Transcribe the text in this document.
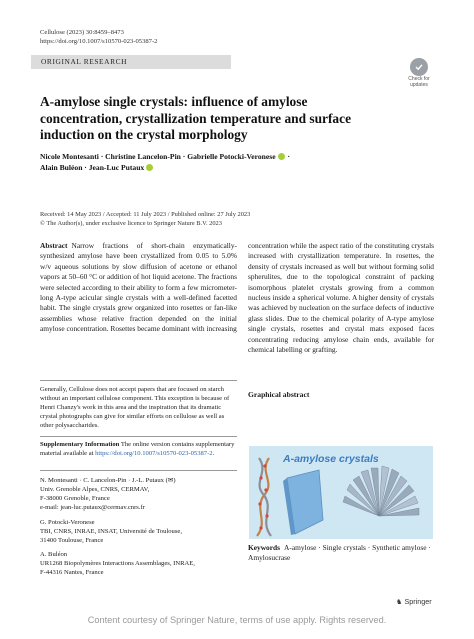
Cellulose (2023) 30:8459–8473
https://doi.org/10.1007/s10570-023-05387-2
ORIGINAL RESEARCH
Check for updates
A-amylose single crystals: influence of amylose concentration, crystallization temperature and surface induction on the crystal morphology
Nicole Montesanti · Christine Lancelon-Pin · Gabrielle Potocki-Veronese ·
Alain Buléon · Jean-Luc Putaux
Received: 14 May 2023 / Accepted: 11 July 2023 / Published online: 27 July 2023
© The Author(s), under exclusive licence to Springer Nature B.V. 2023
Abstract Narrow fractions of short-chain enzymatically-synthesized amylose have been crystallized from 0.05 to 5.0% w/v aqueous solutions by slow diffusion of acetone or ethanol vapors at 50–60 °C or addition of hot liquid acetone. The fractions were selected according to their ability to form a few micrometer-long A-type acicular single crystals with a well-defined facetted habit. The single crystals grew organized into rosettes or fan-like assemblies whose relative fraction depended on the initial amylose concentration. Rosettes became dominant with increasing
concentration while the aspect ratio of the constituting crystals increased with crystallization temperature. In rosettes, the density of crystals increased as well but without forming solid spherulites, due to the topological constraint of packing isomorphous platelet crystals growing from a common nucleus inside a spherical volume. A higher density of crystals was achieved by nucleation on the surface defects of inductive glass slides. Due to the chemical polarity of A-type amylose single crystals, rosettes and crystal mats exposed faces concentrating reducing amylose chain ends, available for chemical labelling or grafting.
Generally, Cellulose does not accept papers that are focused on starch without an important cellulose component. This exception is because of Henri Chanzy's work in this area and the inspiration that its dramatic crystal photographs can give for similar efforts on cellulose as well as other polysaccharides.
Supplementary Information The online version contains supplementary material available at https://doi.org/10.1007/s10570-023-05387-2.
N. Montesanti · C. Lancelon-Pin · J.-L. Putaux (✉)
Univ. Grenoble Alpes, CNRS, CERMAV,
F-38000 Grenoble, France
e-mail: jean-luc.putaux@cermav.cnrs.fr
G. Potocki-Veronese
TBI, CNRS, INRAE, INSAT, Université de Toulouse,
31400 Toulouse, France
A. Buléon
UR1268 Biopolymères Interactions Assemblages, INRAE,
F-44316 Nantes, France
Graphical abstract
A-amylose crystals
Keywords A-amylose · Single crystals · Synthetic amylose · Amylosucrase
♞ Springer
Content courtesy of Springer Nature, terms of use apply. Rights reserved.
